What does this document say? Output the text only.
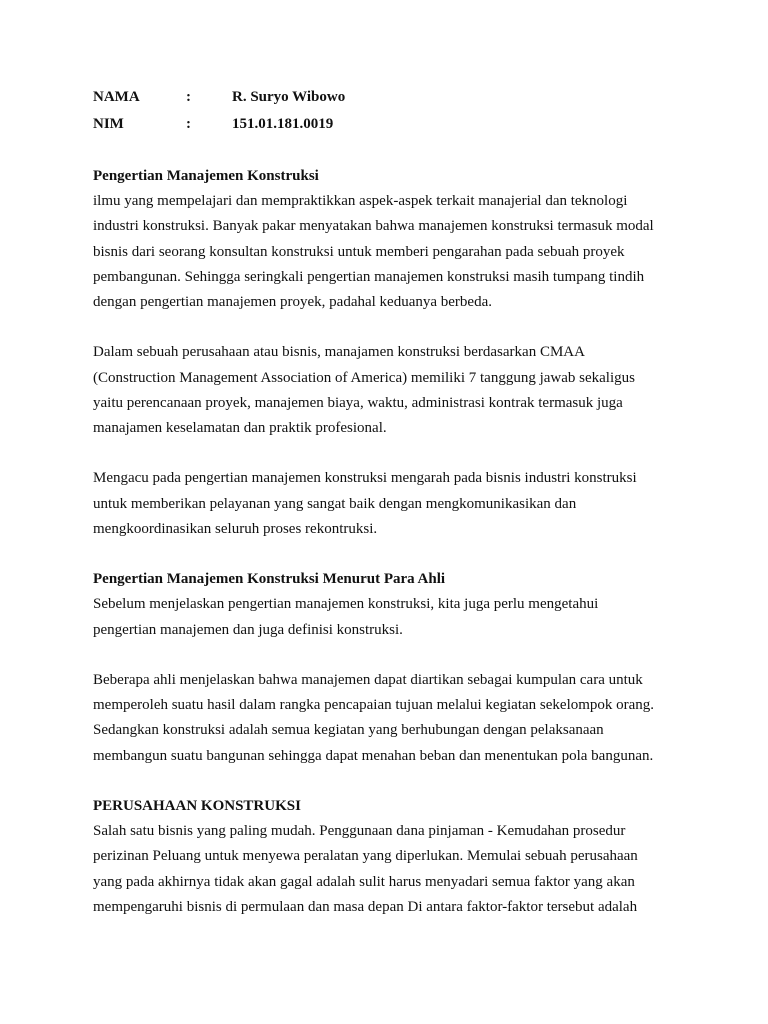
NAMA	:	R. Suryo Wibowo
NIM	:	151.01.181.0019

Pengertian Manajemen Konstruksi

ilmu yang mempelajari dan mempraktikkan aspek-aspek terkait manajerial dan teknologi
industri konstruksi. Banyak pakar menyatakan bahwa manajemen konstruksi termasuk modal
bisnis dari seorang konsultan konstruksi untuk memberi pengarahan pada sebuah proyek
pembangunan. Sehingga seringkali pengertian manajemen konstruksi masih tumpang tindih
dengan pengertian manajemen proyek, padahal keduanya berbeda.
Dalam sebuah perusahaan atau bisnis, manajamen konstruksi berdasarkan CMAA
(Construction Management Association of America) memiliki 7 tanggung jawab sekaligus
yaitu perencanaan proyek, manajemen biaya, waktu, administrasi kontrak termasuk juga
manajamen keselamatan dan praktik profesional.
Mengacu pada pengertian manajemen konstruksi mengarah pada bisnis industri konstruksi
untuk memberikan pelayanan yang sangat baik dengan mengkomunikasikan dan
mengkoordinasikan seluruh proses rekontruksi.

Pengertian Manajemen Konstruksi Menurut Para Ahli

Sebelum menjelaskan pengertian manajemen konstruksi, kita juga perlu mengetahui
pengertian manajemen dan juga definisi konstruksi.
Beberapa ahli menjelaskan bahwa manajemen dapat diartikan sebagai kumpulan cara untuk
memperoleh suatu hasil dalam rangka pencapaian tujuan melalui kegiatan sekelompok orang.
Sedangkan konstruksi adalah semua kegiatan yang berhubungan dengan pelaksanaan
membangun suatu bangunan sehingga dapat menahan beban dan menentukan pola bangunan.

PERUSAHAAN KONSTRUKSI

Salah satu bisnis yang paling mudah. Penggunaan dana pinjaman - Kemudahan prosedur
perizinan Peluang untuk menyewa peralatan yang diperlukan. Memulai sebuah perusahaan
yang pada akhirnya tidak akan gagal adalah sulit harus menyadari semua faktor yang akan
mempengaruhi bisnis di permulaan dan masa depan Di antara faktor-faktor tersebut adalah
